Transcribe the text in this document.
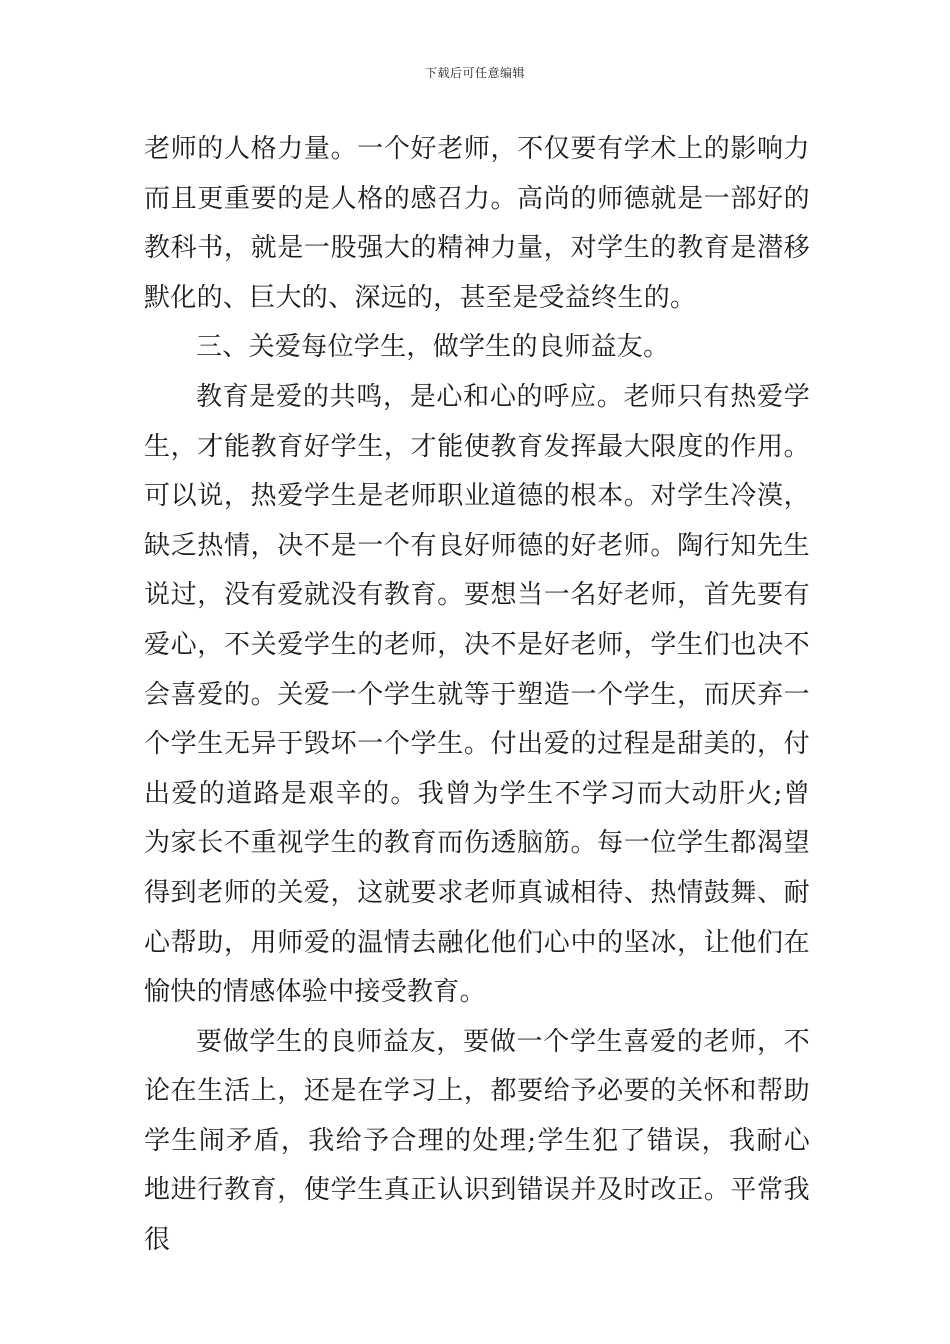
下载后可任意编辑

老师的人格力量。一个好老师，不仅要有学术上的影响力而且更重要的是人格的感召力。高尚的师德就是一部好的教科书，就是一股强大的精神力量，对学生的教育是潜移默化的、巨大的、深远的，甚至是受益终生的。

三、关爱每位学生，做学生的良师益友。

教育是爱的共鸣，是心和心的呼应。老师只有热爱学生，才能教育好学生，才能使教育发挥最大限度的作用。可以说，热爱学生是老师职业道德的根本。对学生冷漠，缺乏热情，决不是一个有良好师德的好老师。陶行知先生说过，没有爱就没有教育。要想当一名好老师，首先要有爱心，不关爱学生的老师，决不是好老师，学生们也决不会喜爱的。关爱一个学生就等于塑造一个学生，而厌弃一个学生无异于毁坏一个学生。付出爱的过程是甜美的，付出爱的道路是艰辛的。我曾为学生不学习而大动肝火;曾为家长不重视学生的教育而伤透脑筋。每一位学生都渴望得到老师的关爱，这就要求老师真诚相待、热情鼓舞、耐心帮助，用师爱的温情去融化他们心中的坚冰，让他们在愉快的情感体验中接受教育。

要做学生的良师益友，要做一个学生喜爱的老师，不论在生活上，还是在学习上，都要给予必要的关怀和帮助学生闹矛盾，我给予合理的处理;学生犯了错误，我耐心地进行教育，使学生真正认识到错误并及时改正。平常我很
